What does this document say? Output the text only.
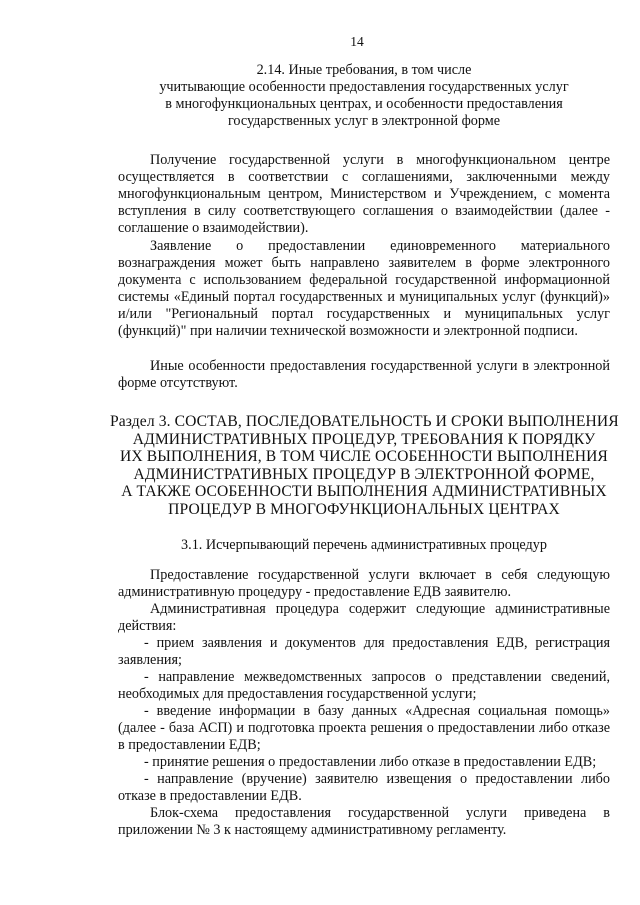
14
2.14. Иные требования, в том числе
учитывающие особенности предоставления государственных услуг
в многофункциональных центрах, и особенности предоставления
государственных услуг в электронной форме
Получение государственной услуги в многофункциональном центре осуществляется в соответствии с соглашениями, заключенными между многофункциональным центром, Министерством и Учреждением, с момента вступления в силу соответствующего соглашения о взаимодействии (далее - соглашение о взаимодействии).
Заявление о предоставлении единовременного материального вознаграждения может быть направлено заявителем в форме электронного документа с использованием федеральной государственной информационной системы «Единый портал государственных и муниципальных услуг (функций)» и/или "Региональный портал государственных и муниципальных услуг (функций)" при наличии технической возможности и электронной подписи.
Иные особенности предоставления государственной услуги в электронной форме отсутствуют.
Раздел 3. СОСТАВ, ПОСЛЕДОВАТЕЛЬНОСТЬ И СРОКИ ВЫПОЛНЕНИЯ
АДМИНИСТРАТИВНЫХ ПРОЦЕДУР, ТРЕБОВАНИЯ К ПОРЯДКУ
ИХ ВЫПОЛНЕНИЯ, В ТОМ ЧИСЛЕ ОСОБЕННОСТИ ВЫПОЛНЕНИЯ
АДМИНИСТРАТИВНЫХ ПРОЦЕДУР В ЭЛЕКТРОННОЙ ФОРМЕ,
А ТАКЖЕ ОСОБЕННОСТИ ВЫПОЛНЕНИЯ АДМИНИСТРАТИВНЫХ
ПРОЦЕДУР В МНОГОФУНКЦИОНАЛЬНЫХ ЦЕНТРАХ
3.1. Исчерпывающий перечень административных процедур
Предоставление государственной услуги включает в себя следующую административную процедуру - предоставление ЕДВ заявителю.
Административная процедура содержит следующие административные действия:
- прием заявления и документов для предоставления ЕДВ, регистрация заявления;
- направление межведомственных запросов о представлении сведений, необходимых для предоставления государственной услуги;
- введение информации в базу данных «Адресная социальная помощь» (далее - база АСП) и подготовка проекта решения о предоставлении либо отказе в предоставлении ЕДВ;
- принятие решения о предоставлении либо отказе в предоставлении ЕДВ;
- направление (вручение) заявителю извещения о предоставлении либо отказе в предоставлении ЕДВ.
Блок-схема предоставления государственной услуги приведена в приложении № 3 к настоящему административному регламенту.
